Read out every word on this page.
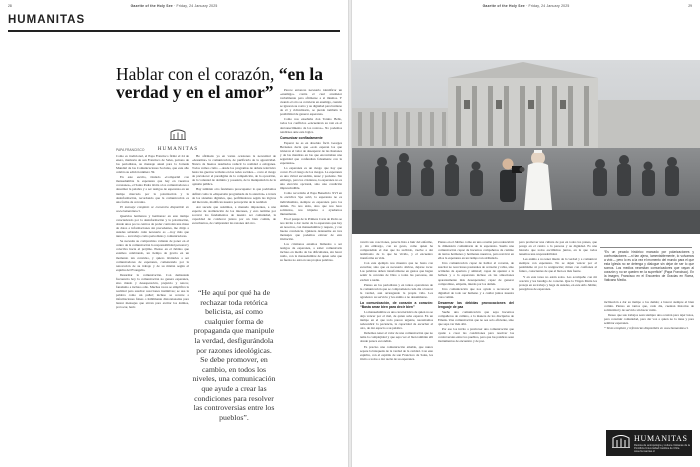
28	Gazette of the Holy See · Friday, 24 January 2025
HUMANITAS
Hablar con el corazón, “en la verdad y en el amor”
HUMANITAS
PAPA FRANCISCO

Como es tradicional, el Papa Francisco firmó el 24 de enero, memoria de san Francisco de Sales, patrono de los periodistas, su mensaje anual para la Jornada Mundial de las Comunicaciones Sociales, que este año celebra su edición número 59.

En este escrito, titulado «Compartid con mansedumbre la esperanza que hay en vuestros corazones», el Santo Padre invita a los comunicadores a desarmar la palabra y a ser testigos de esperanza en un tiempo marcado por la polarización y la desinformación, recordando que la comunicación es una forma de cercanía.

El mensaje completo se encuentra disponible en www.humanitas.cl.

Queridos hermanos y hermanas: en este tiempo caracterizado por la desinformación y la polarización, donde unos pocos centros de poder controlan una masa de datos e informaciones sin precedentes, me dirijo a ustedes sabiendo cuán necesario es —hoy más que nunca— su trabajo como periodistas y comunicadores.

Se necesita su compromiso valiente de poner en el centro de la comunicación la responsabilidad personal y colectiva hacia el prójimo. Pienso en el Jubileo que estamos celebrando, un tiempo de gracia en un momento tan convulso, y quiero invitarles a ser comunicadores de esperanza, comenzando por la renovación de su trabajo y de su misión según el espíritu del Evangelio.

Desarmar la comunicación. Con demasiada frecuencia hoy la comunicación no genera esperanza, sino miedo y desesperación, prejuicio y rencor, fanatismo e incluso odio. Muchas veces se simplifica la realidad para suscitar reacciones instintivas; se usa la palabra como un puñal; incluso se recurre a informaciones falsas o hábilmente distorsionadas para lanzar mensajes que sirvan para excitar los ánimos, provocar, herir.

He afirmado ya en varias ocasiones la necesidad de «desarmar» la comunicación, de purificarla de la agresividad. Nunca da buenos resultados reducir la realidad a eslóganes. Todos vemos cómo —desde los programas de debate televisivo hasta las guerras verbales en las redes sociales— corre el riesgo de prevalecer el paradigma de la competición, de la oposición, de la voluntad de dominio y posesión, de la manipulación de la opinión pública.

Hay también otro fenómeno preocupante: lo que podríamos definir como la «dispersión programada de la atención» a través de los sistemas digitales, que, perfilándonos según las lógicas del mercado, modifican nuestra percepción de la realidad.

Así sucede que asistimos, a menudo impotentes, a una especie de atomización de los intereses, y esto termina por socavar los fundamentos de nuestro ser comunidad, la capacidad de colaborar juntos por un bien común, de escucharnos, de comprender las razones del otro.

“He aquí por qué ha de rechazar toda retórica belicista, así como cualquier forma de propaganda que manipule la verdad, desfigurándola por razones ideológicas. Se debe promover, en cambio, en todos los niveles, una comunicación que ayude a crear las condiciones para resolver las controversias entre los pueblos”.

Parece entonces necesario identificar un «enemigo» contra el cual arremeter verbalmente para afirmarse a sí mismos. Y cuando el otro se convierte en enemigo, cuando se ignoran su rostro y su dignidad para burlarse de él y ridiculizarlo, se pierde también la posibilidad de generar esperanza.

Como nos enseñaba don Tonino Bello, todos los conflictos «encuentran su raíz en el desvanecimiento de los rostros». No podemos rendirnos ante esta lógica.

Comunicar confiadamente

Esperar no es en absoluto fácil. Georges Bernanos decía que «solo esperan los que tuvieron el valor de desesperar de las ilusiones y de las mentiras en las que encontraban una seguridad que confundían falsamente con la esperanza».

La esperanza es un riesgo que hay que correr. Es el riesgo de los riesgos. La esperanza es una virtud escondida, tenaz y paciente. Sin embargo, para los cristianos, la esperanza no es una elección opcional, sino una condición imprescindible.

Como recordaba el Papa Benedicto XVI en la encíclica Spe salvi, la esperanza no es individualista, siempre es esperanza para los demás. No nos aísla, sino que nos hace solidarios, nos impulsa a ayudarnos mutuamente.

En el pasaje de la Primera Carta de Pedro se nos invita a dar razón de la esperanza que hay en nosotros, con mansedumbre y respeto, y con buena conciencia. Quisiera detenerme en tres mensajes que podemos extraer de esta invitación.

Los cristianos estamos llamados a ser testigos de esperanza, a saber comunicarla incluso en medio de las dificultades, sin hacer ruido, con la mansedumbre de quien sabe que su fuerza no está en sus propias palabras.

Gazette of the Holy See · Friday, 24 January 2025	29
“Es un pecado histórico marcado por polarizaciones y confrontaciones —ni tan ajeno, lamentablemente, lo volvamos a vivir— pero lo es a la vez el momento del mundo para el que esta Iglesia no se detenga y dialogue sin dejar de ser lo que somos. Los medios necesitan comunicadores que vayan al corazón y no se queden en la superficie” (Papa Francisco). En la imagen, Francisco en el Encuentro de Gracias en Roma, Vaticano Media.

venció sus coacciones, parecía lista a huir del enfermo, y, sin embargo, con su gesto, como quien ha comprendido el don que ha recibido, vuelve a dar testimonio de lo que ha vivido, y el encuentro transforma su vida.

Con este ejemplo nos muestra que no basta con escuchar, sino que es necesario abrirse, dejarse tocar. Las palabras deben transformarse en gestos que hagan sentir la cercanía de Dios a todas las personas, sin excluir a nadie.

Pienso en los periodistas y en tantos operadores de la comunicación que se comprometen cada día a buscar la verdad, aun arriesgando la propia vida. Les agradezco su servicio y les animo a no desanimarse.

La comunicación, de corazón a corazón: “Basta amar bien para decir bien”

La mansedumbre es una característica de quien no se deja vencer por el mal, de quien sabe esperar. En un tiempo en el que todo parece urgente, necesitamos redescubrir la paciencia, la capacidad de escuchar al otro, de dar espacio a su palabra.

Debemos tener el valor de una comunicación que no tema la complejidad y que sepa ver el bien también allí donde parece escondido.

Es preciso una comunicación amable, que nunca separe la búsqueda de la verdad de la caridad. Con este espíritu, con el espíritu de san Francisco de Sales, les invito a todos a dar razón de su esperanza.

Pienso en el Jubileo como en una ocasión para redescubrir la dimensión comunitaria de la esperanza. Sueño una comunicación capaz de hacernos compañeros de camino de tantos hermanos y hermanas nuestros, para reavivar en ellos la esperanza en un tiempo tan atribulado.

Una comunicación capaz de hablar al corazón, de suscitar no reacciones pasionales de cerrazón y rabia, sino actitudes de apertura y amistad; capaz de apuntar a la belleza y a la esperanza incluso en las situaciones aparentemente más desesperadas; capaz de generar compromiso, empatía, interés por los demás.

Una comunicación que nos ayude a reconocer la dignidad de todo ser humano y a cuidar juntos nuestra casa común.

Desarmar las debidas provocaciones del lenguaje de paz

Sueño una comunicación que sepa hacernos compañeros de camino, a la manera de los discípulos de Emaús. Una comunicación que no sea solo eficiente, sino que sepa ver más allá.

Por eso los invito a promover una comunicación que ayude a crear las condiciones para resolver las controversias entre los pueblos, para que las palabras sean instrumentos de encuentro y de paz.

para promover una cultura de paz en todos los países, que ponga en el centro a la persona y su dignidad. Es una historia que todos escribimos juntos, en la que todos tenemos una responsabilidad.

Les animo a no tener miedo de la verdad y a comunicar siempre con esperanza. No se dejen vencer por el pesimismo ni por la resignación; miren con confianza al futuro, conscientes de que el bien es más fuerte.

Y en esta tarea no están solos. Les acompaño con mi oración y les bendigo de corazón. Que la Virgen María les proteja en su trabajo y haga de ustedes, en este Año Jubilar, peregrinos de esperanza.

inclinación a dar su tiempo a los demás; a buscar siempre el bien común. Pienso en tantos que, cada día, cuentan historias de solidaridad y de servicio sin hacer ruido.

Deseo que sus trabajos sean siempre una ocasión para tejer lazos, para construir comunidad, para dar voz a quien no la tiene y para sembrar esperanza.

* Texto completo y referencias disponibles en www.humanitas.cl.

HUMANITAS
Revista de antropología y cultura cristianas de la Pontificia Universidad Católica de Chile. www.humanitas.cl
